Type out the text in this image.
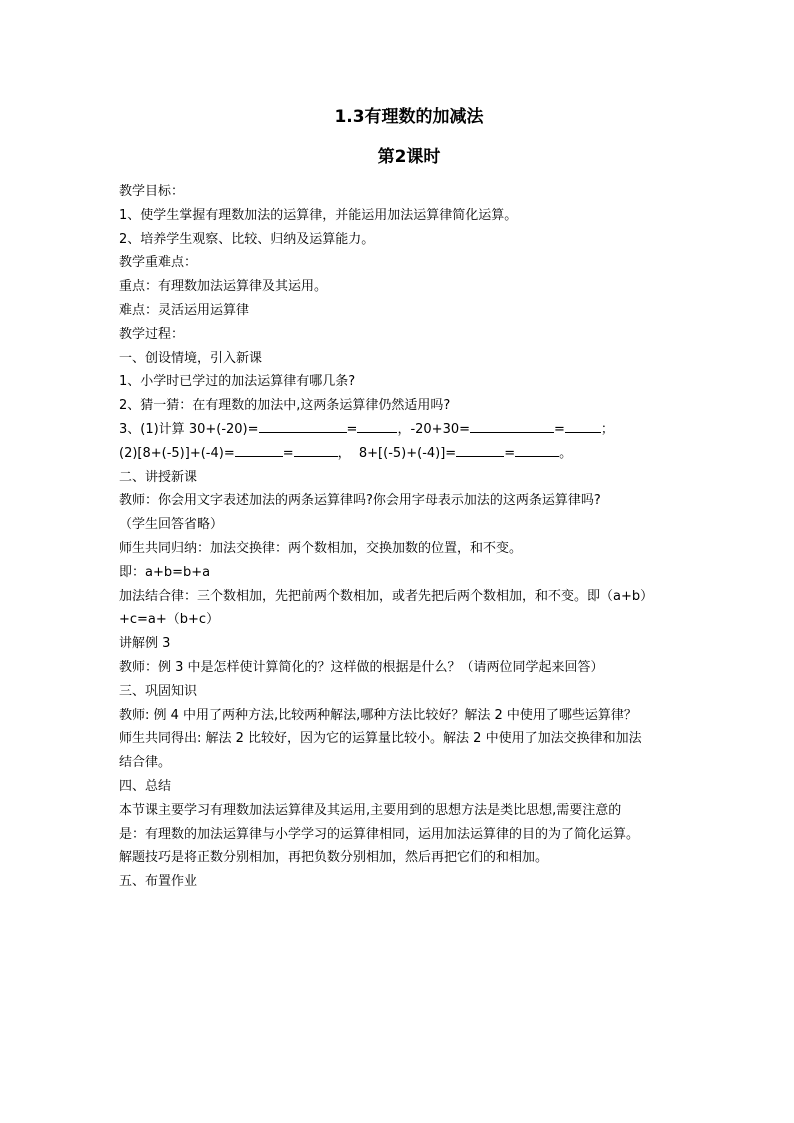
1.3有理数的加减法
第2课时

教学目标：

1、使学生掌握有理数加法的运算律，并能运用加法运算律简化运算。

2、培养学生观察、比较、归纳及运算能力。

教学重难点：

重点：有理数加法运算律及其运用。

难点：灵活运用运算律

教学过程：

一、创设情境，引入新课

1、小学时已学过的加法运算律有哪几条?

2、猜一猜：在有理数的加法中,这两条运算律仍然适用吗?

3、(1)计算 30+(-20)=	=	，-20+30=	=	；

(2)[8+(-5)]+(-4)=	=	，  8+[(-5)+(-4)]=	=	。

二、讲授新课

教师：你会用文字表述加法的两条运算律吗?你会用字母表示加法的这两条运算律吗?

（学生回答省略）

师生共同归纳：加法交换律：两个数相加，交换加数的位置，和不变。

即：a+b=b+a

加法结合律：三个数相加，先把前两个数相加，或者先把后两个数相加，和不变。即（a+b）

+c=a+（b+c）

讲解例 3

教师：例 3 中是怎样使计算简化的？这样做的根据是什么？（请两位同学起来回答）

三、巩固知识

教师: 例 4 中用了两种方法,比较两种解法,哪种方法比较好？解法 2 中使用了哪些运算律？

师生共同得出: 解法 2 比较好，因为它的运算量比较小。解法 2 中使用了加法交换律和加法

结合律。

四、总结

本节课主要学习有理数加法运算律及其运用,主要用到的思想方法是类比思想,需要注意的

是：有理数的加法运算律与小学学习的运算律相同，运用加法运算律的目的为了简化运算。

解题技巧是将正数分别相加，再把负数分别相加，然后再把它们的和相加。

五、布置作业
